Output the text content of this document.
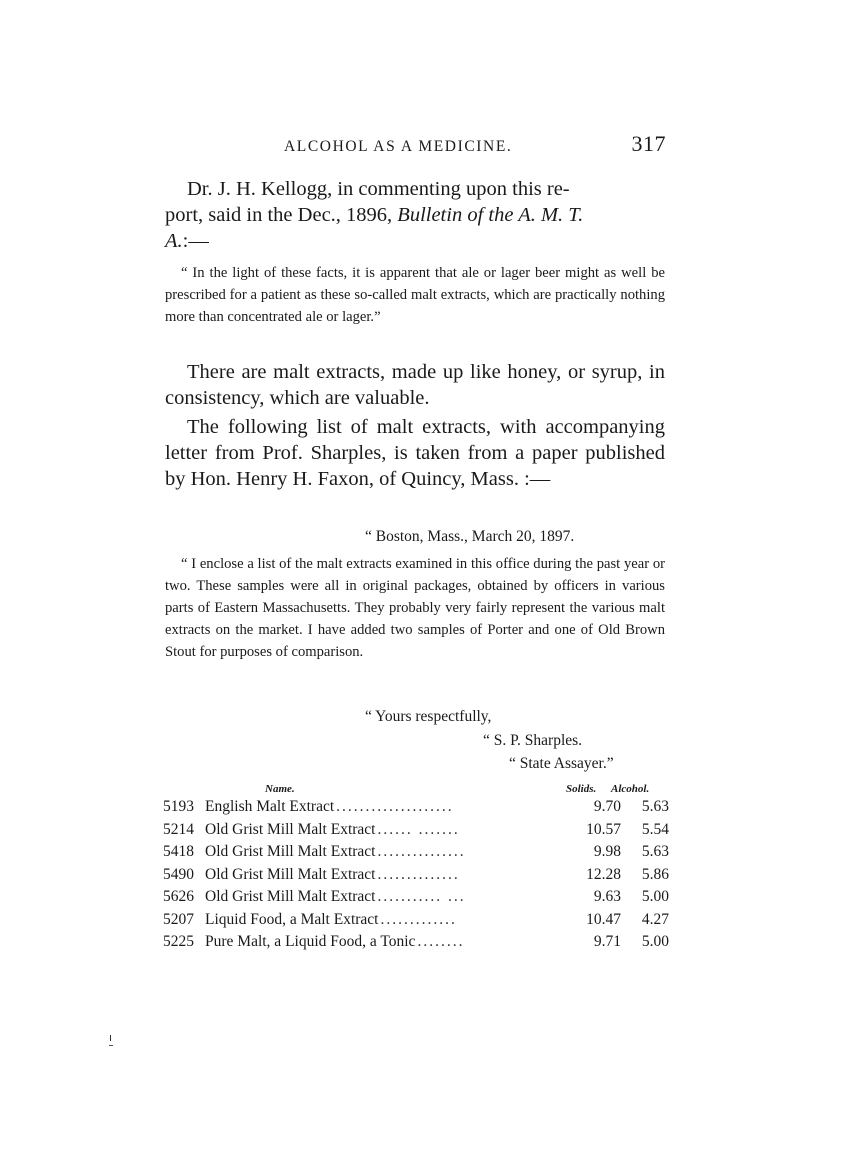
ALCOHOL AS A MEDICINE.	317
Dr. J. H. Kellogg, in commenting upon this re-
port, said in the Dec., 1896, Bulletin of the A. M. T.
A.:—
“ In the light of these facts, it is apparent that ale or lager beer might as well be prescribed for a patient as these so-called malt extracts, which are practically nothing more than concentrated ale or lager.”
There are malt extracts, made up like honey, or syrup, in consistency, which are valuable.
The following list of malt extracts, with accompanying letter from Prof. Sharples, is taken from a paper published by Hon. Henry H. Faxon, of Quincy, Mass. :—
“ Boston, Mass., March 20, 1897.
“ I enclose a list of the malt extracts examined in this office during the past year or two. These samples were all in original packages, obtained by officers in various parts of Eastern Massachusetts. They probably very fairly represent the various malt extracts on the market. I have added two samples of Porter and one of Old Brown Stout for purposes of comparison.
“ Yours respectfully,
“ S. P. Sharples.
“ State Assayer.”
Name.	Solids. Alcohol.
5193 English Malt Extract ....................	9.70	5.63
5214 Old Grist Mill Malt Extract ...... .......	10.57	5.54
5418 Old Grist Mill Malt Extract ...............	9.98	5.63
5490 Old Grist Mill Malt Extract ..............	12.28	5.86
5626 Old Grist Mill Malt Extract ........... ...	9.63	5.00
5207 Liquid Food, a Malt Extract .............	10.47	4.27
5225 Pure Malt, a Liquid Food, a Tonic ........	9.71	5.00
